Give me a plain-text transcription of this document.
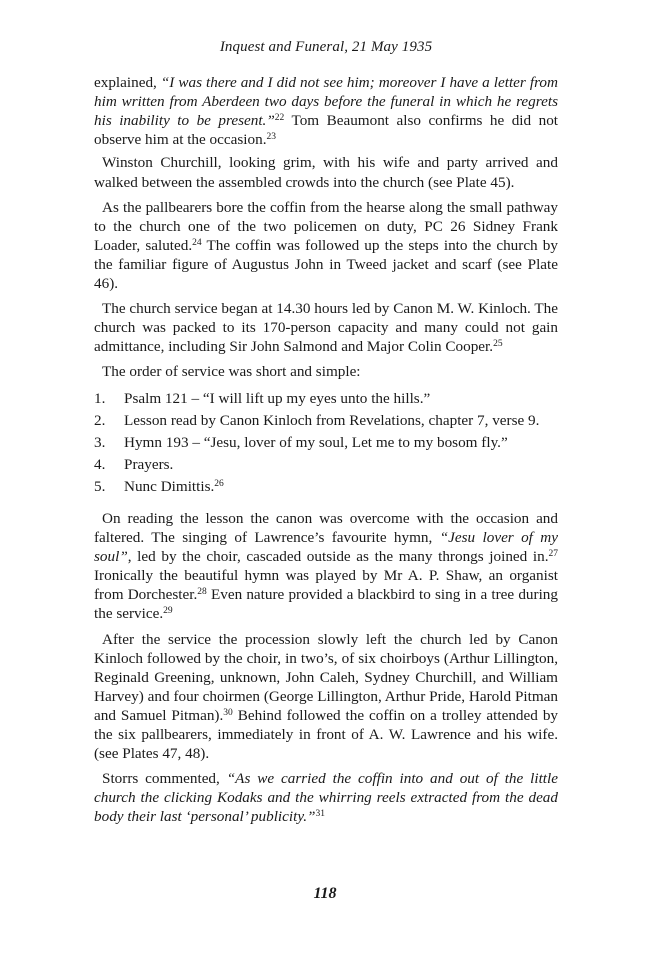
Inquest and Funeral, 21 May 1935

explained, “I was there and I did not see him; moreover I have a letter from him written from Aberdeen two days before the funeral in which he regrets his inability to be present.”$^{22}$ Tom Beaumont also confirms he did not observe him at the occasion.$^{23}$

Winston Churchill, looking grim, with his wife and party arrived and walked between the assembled crowds into the church (see Plate 45).

As the pallbearers bore the coffin from the hearse along the small pathway to the church one of the two policemen on duty, PC 26 Sidney Frank Loader, saluted.$^{24}$ The coffin was followed up the steps into the church by the familiar figure of Augustus John in Tweed jacket and scarf (see Plate 46).

The church service began at 14.30 hours led by Canon M. W. Kinloch. The church was packed to its 170-person capacity and many could not gain admittance, including Sir John Salmond and Major Colin Cooper.$^{25}$

The order of service was short and simple:

1.	Psalm 121 – “I will lift up my eyes unto the hills.”
2.	Lesson read by Canon Kinloch from Revelations, chapter 7, verse 9.
3.	Hymn 193 – “Jesu, lover of my soul, Let me to my bosom fly.”
4.	Prayers.
5.	Nunc Dimittis.$^{26}$

On reading the lesson the canon was overcome with the occasion and faltered. The singing of Lawrence’s favourite hymn, “Jesu lover of my soul”, led by the choir, cascaded outside as the many throngs joined in.$^{27}$ Ironically the beautiful hymn was played by Mr A. P. Shaw, an organist from Dorchester.$^{28}$ Even nature provided a blackbird to sing in a tree during the service.$^{29}$

After the service the procession slowly left the church led by Canon Kinloch followed by the choir, in two’s, of six choirboys (Arthur Lillington, Reginald Greening, unknown, John Caleh, Sydney Churchill, and William Harvey) and four choirmen (George Lillington, Arthur Pride, Harold Pitman and Samuel Pitman).$^{30}$ Behind followed the coffin on a trolley attended by the six pallbearers, immediately in front of A. W. Lawrence and his wife. (see Plates 47, 48).

Storrs commented, “As we carried the coffin into and out of the little church the clicking Kodaks and the whirring reels extracted from the dead body their last ‘personal’ publicity.”$^{31}$

118
